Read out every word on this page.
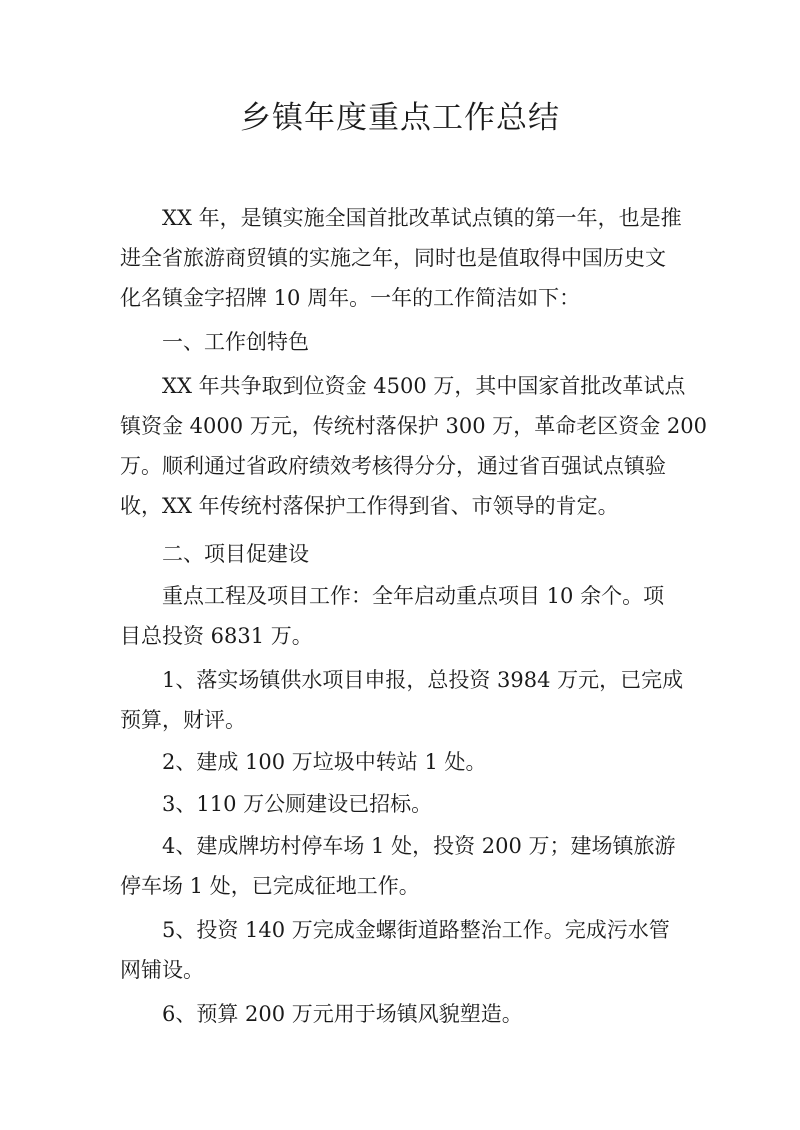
乡镇年度重点工作总结
XX 年，是镇实施全国首批改革试点镇的第一年，也是推
进全省旅游商贸镇的实施之年，同时也是值取得中国历史文
化名镇金字招牌 10 周年。一年的工作简洁如下：
一、工作创特色
XX 年共争取到位资金 4500 万，其中国家首批改革试点
镇资金 4000 万元，传统村落保护 300 万，革命老区资金 200
万。顺利通过省政府绩效考核得分分，通过省百强试点镇验
收，XX 年传统村落保护工作得到省、市领导的肯定。
二、项目促建设
重点工程及项目工作：全年启动重点项目 10 余个。项
目总投资 6831 万。
1、落实场镇供水项目申报，总投资 3984 万元，已完成
预算，财评。
2、建成 100 万垃圾中转站 1 处。
3、110 万公厕建设已招标。
4、建成牌坊村停车场 1 处，投资 200 万；建场镇旅游
停车场 1 处，已完成征地工作。
5、投资 140 万完成金螺街道路整治工作。完成污水管
网铺设。
6、预算 200 万元用于场镇风貌塑造。
